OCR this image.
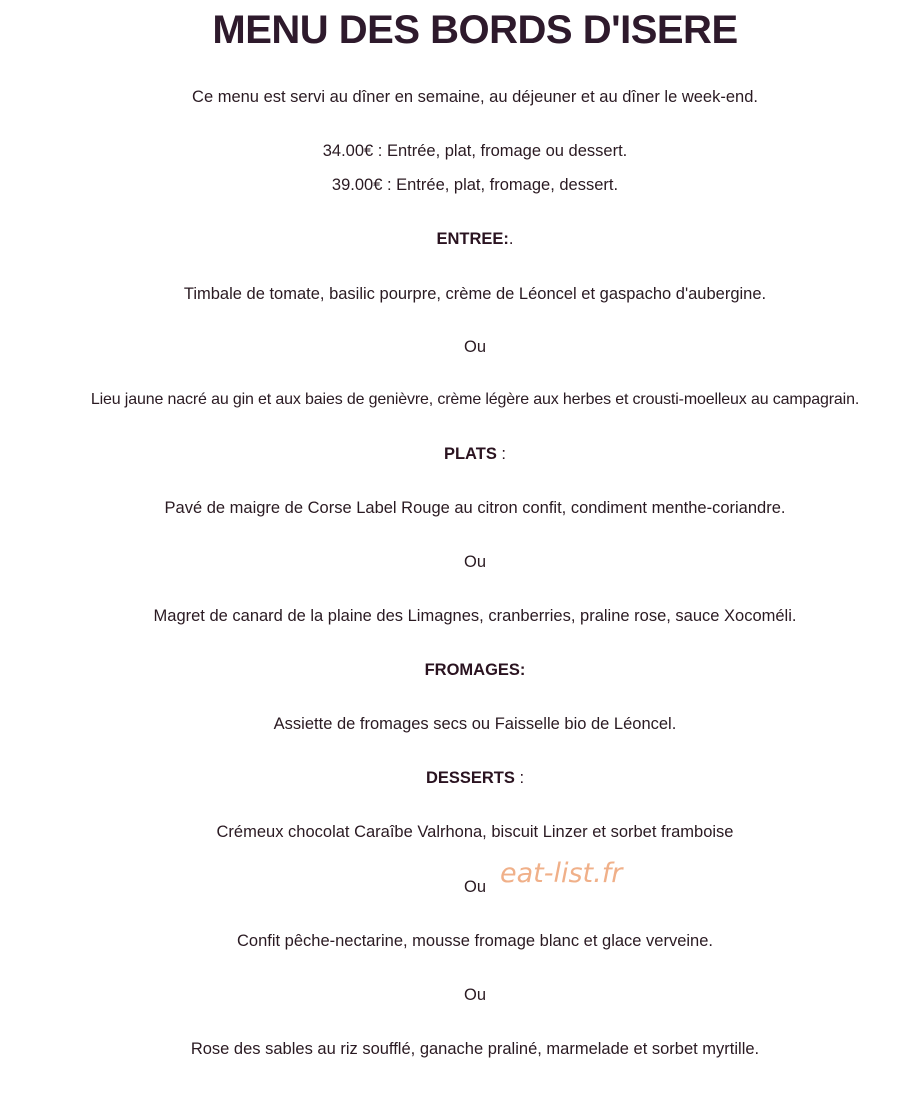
MENU DES BORDS D'ISERE
Ce menu est servi au dîner en semaine, au déjeuner et au dîner le week-end.
34.00€ : Entrée, plat, fromage ou dessert.
39.00€ : Entrée, plat, fromage, dessert.
ENTREE:.
Timbale de tomate, basilic pourpre, crème de Léoncel et gaspacho d'aubergine.
Ou
Lieu jaune nacré au gin et aux baies de genièvre, crème légère aux herbes et crousti-moelleux au campagrain.
PLATS :
Pavé de maigre de Corse Label Rouge au citron confit, condiment menthe-coriandre.
Ou
Magret de canard de la plaine des Limagnes, cranberries, praline rose, sauce Xocoméli.
FROMAGES:
Assiette de fromages secs ou Faisselle bio de Léoncel.
DESSERTS :
Crémeux chocolat Caraîbe Valrhona, biscuit Linzer et sorbet framboise
Ou
Confit pêche-nectarine, mousse fromage blanc et glace verveine.
Ou
Rose des sables au riz soufflé, ganache praliné, marmelade et sorbet myrtille.
eat-list.fr
